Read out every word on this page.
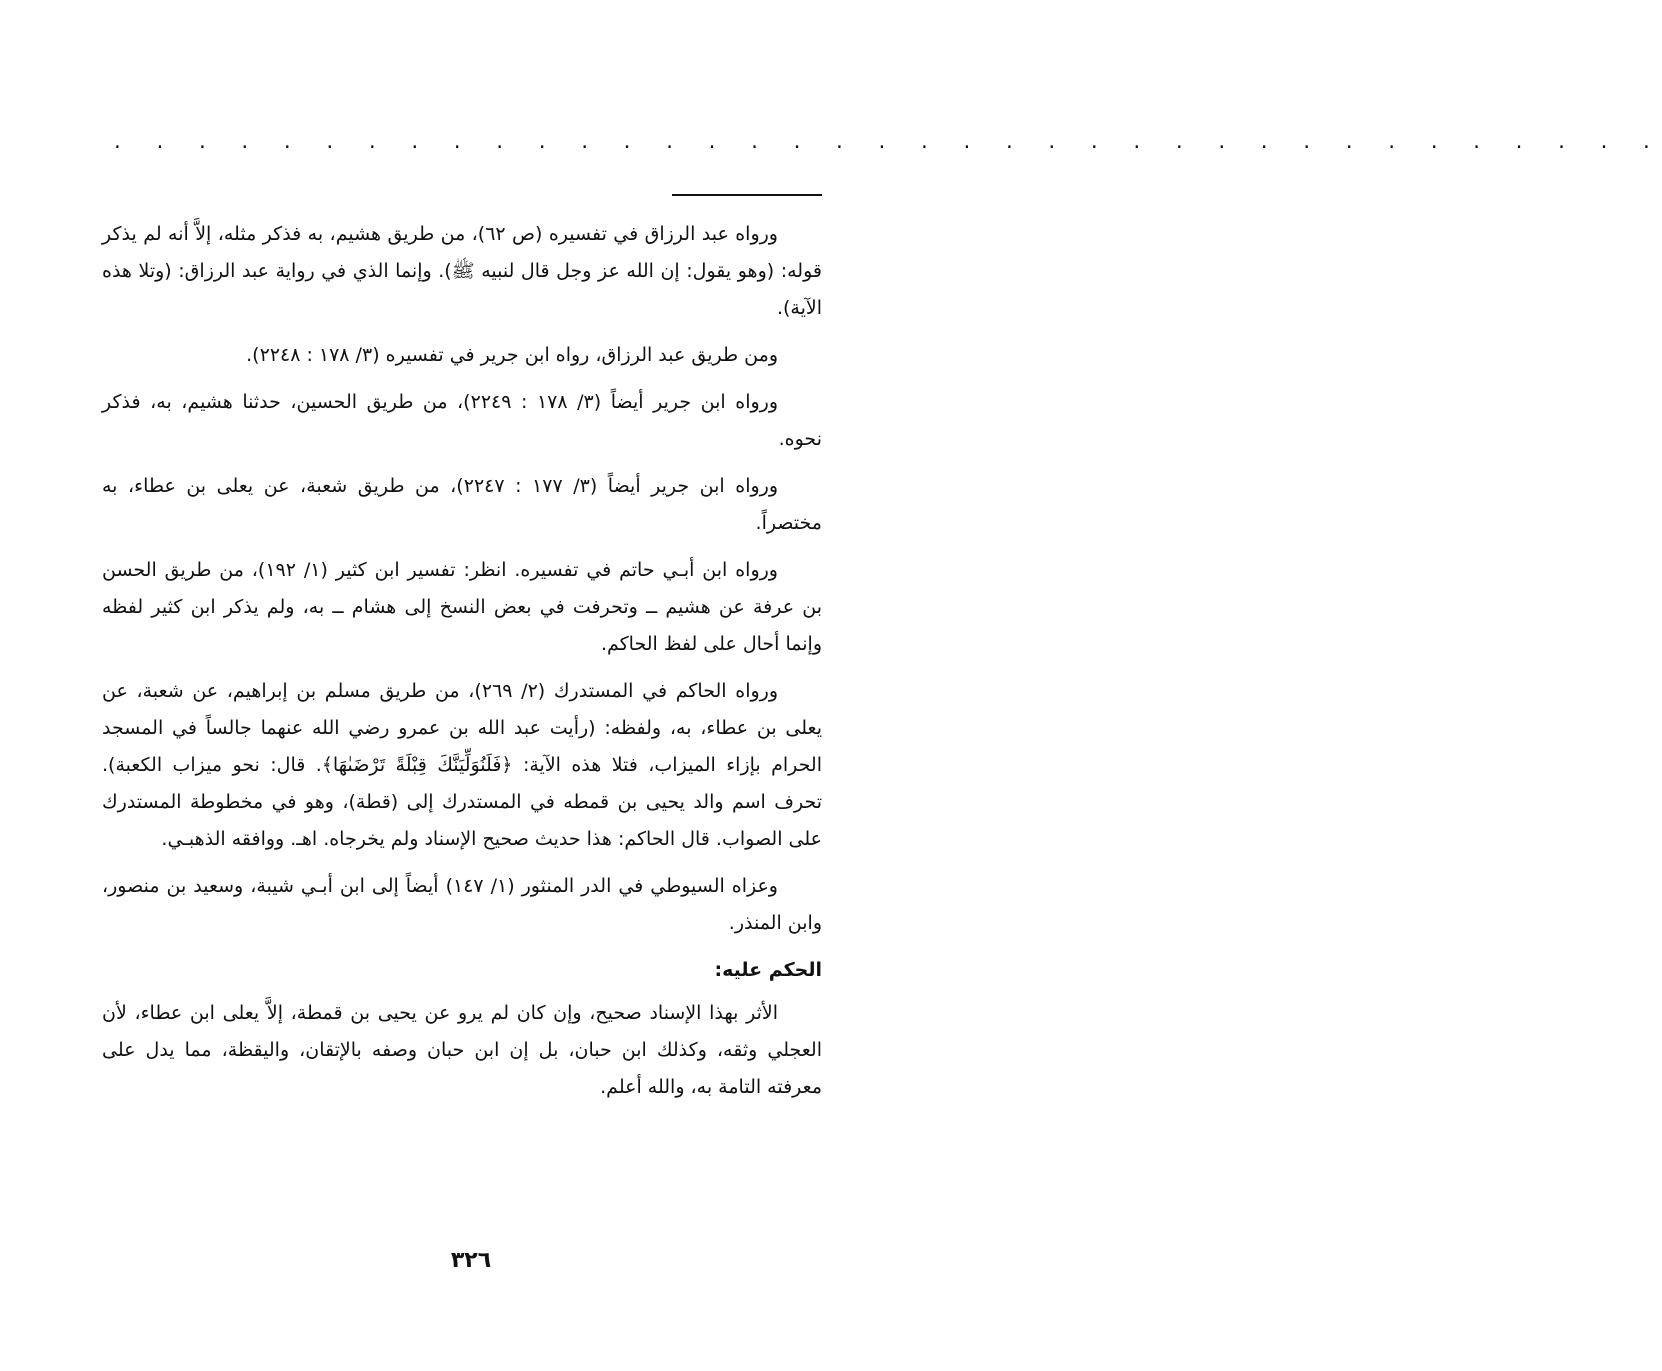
. . . . . . . . . . . . . . . . . . . . . . . . . . . . . . . . . . . . .

ورواه عبد الرزاق في تفسيره (ص ٦٢)، من طريق هشيم، به فذكر مثله، إلاَّ أنه لم يذكر قوله: (وهو يقول: إن الله عز وجل قال لنبيه ﷺ). وإنما الذي في رواية عبد الرزاق: (وتلا هذه الآية).

ومن طريق عبد الرزاق، رواه ابن جرير في تفسيره (٣/ ١٧٨ : ٢٢٤٨).

ورواه ابن جرير أيضاً (٣/ ١٧٨ : ٢٢٤٩)، من طريق الحسين، حدثنا هشيم، به، فذكر نحوه.

ورواه ابن جرير أيضاً (٣/ ١٧٧ : ٢٢٤٧)، من طريق شعبة، عن يعلى بن عطاء، به مختصراً.

ورواه ابن أبـي حاتم في تفسيره. انظر: تفسير ابن كثير (١/ ١٩٢)، من طريق الحسن بن عرفة عن هشيم ــ وتحرفت في بعض النسخ إلى هشام ــ به، ولم يذكر ابن كثير لفظه وإنما أحال على لفظ الحاكم.

ورواه الحاكم في المستدرك (٢/ ٢٦٩)، من طريق مسلم بن إبراهيم، عن شعبة، عن يعلى بن عطاء، به، ولفظه: (رأيت عبد الله بن عمرو رضي الله عنهما جالساً في المسجد الحرام بإزاء الميزاب، فتلا هذه الآية: ﴿فَلَنُوَلِّيَنَّكَ قِبْلَةً تَرْضَىٰهَا﴾. قال: نحو ميزاب الكعبة). تحرف اسم والد يحيى بن قمطه في المستدرك إلى (قطة)، وهو في مخطوطة المستدرك على الصواب. قال الحاكم: هذا حديث صحيح الإسناد ولم يخرجاه. اهـ. ووافقه الذهبـي.

وعزاه السيوطي في الدر المنثور (١/ ١٤٧) أيضاً إلى ابن أبـي شيبة، وسعيد بن منصور، وابن المنذر.

الحكم عليه:

الأثر بهذا الإسناد صحيح، وإن كان لم يرو عن يحيى بن قمطة، إلاَّ يعلى ابن عطاء، لأن العجلي وثقه، وكذلك ابن حبان، بل إن ابن حبان وصفه بالإتقان، واليقظة، مما يدل على معرفته التامة به، والله أعلم.

٣٢٦
